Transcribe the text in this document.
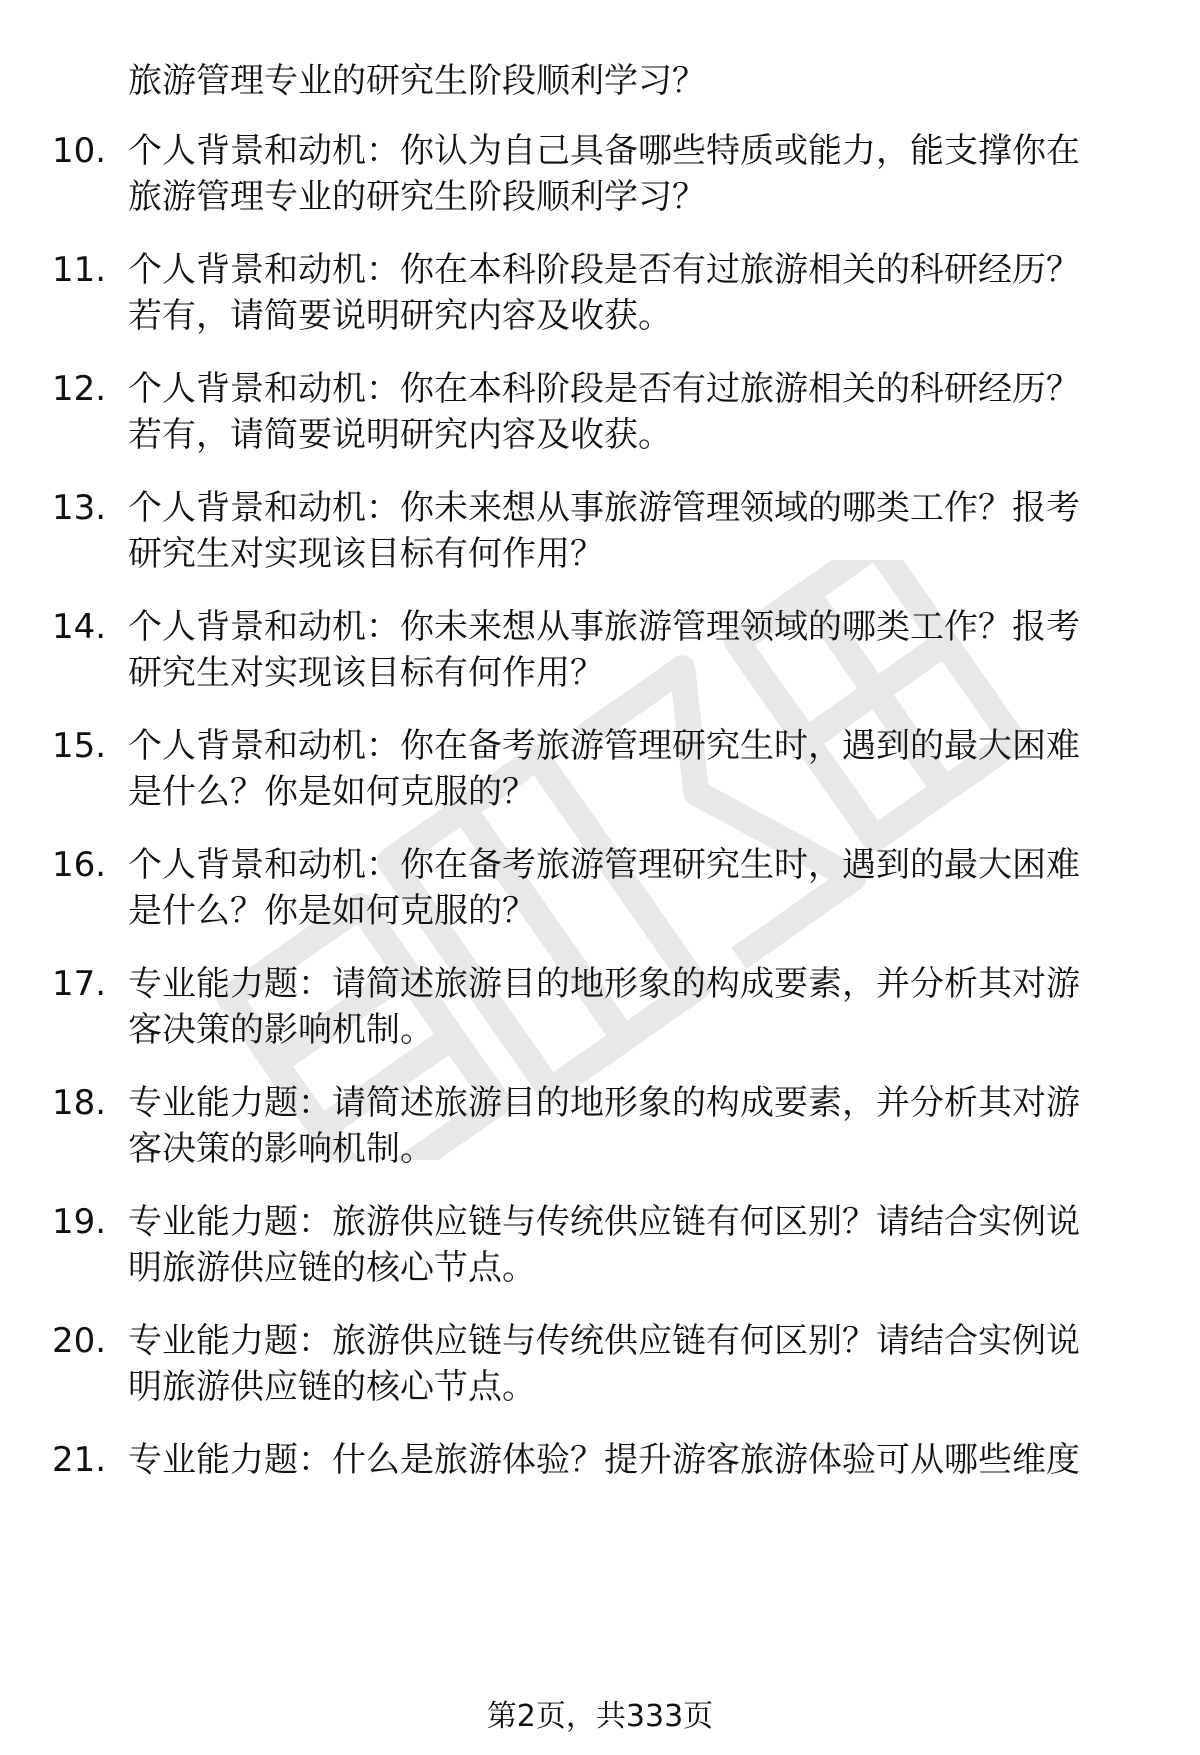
旅游管理专业的研究生阶段顺利学习？
10. 个人背景和动机：你认为自己具备哪些特质或能力，能支撑你在
旅游管理专业的研究生阶段顺利学习？
11. 个人背景和动机：你在本科阶段是否有过旅游相关的科研经历？
若有，请简要说明研究内容及收获。
12. 个人背景和动机：你在本科阶段是否有过旅游相关的科研经历？
若有，请简要说明研究内容及收获。
13. 个人背景和动机：你未来想从事旅游管理领域的哪类工作？报考
研究生对实现该目标有何作用？
14. 个人背景和动机：你未来想从事旅游管理领域的哪类工作？报考
研究生对实现该目标有何作用？
15. 个人背景和动机：你在备考旅游管理研究生时，遇到的最大困难
是什么？你是如何克服的？
16. 个人背景和动机：你在备考旅游管理研究生时，遇到的最大困难
是什么？你是如何克服的？
17. 专业能力题：请简述旅游目的地形象的构成要素，并分析其对游
客决策的影响机制。
18. 专业能力题：请简述旅游目的地形象的构成要素，并分析其对游
客决策的影响机制。
19. 专业能力题：旅游供应链与传统供应链有何区别？请结合实例说
明旅游供应链的核心节点。
20. 专业能力题：旅游供应链与传统供应链有何区别？请结合实例说
明旅游供应链的核心节点。
21. 专业能力题：什么是旅游体验？提升游客旅游体验可从哪些维度
第2页，共333页
